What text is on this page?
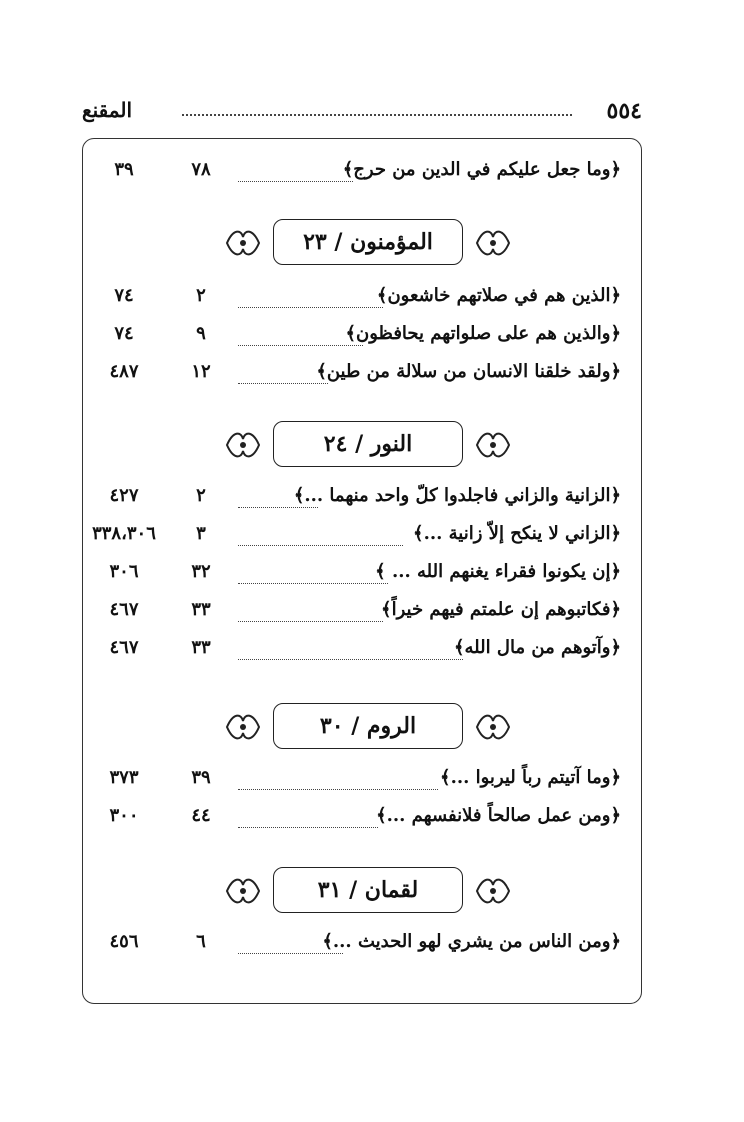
٥٥٤
المقنع
﴿وما جعل عليكم في الدين من حرج﴾
٧٨
٣٩
المؤمنون / ٢٣
﴿الذين هم في صلاتهم خاشعون﴾
٢
٧٤
﴿والذين هم على صلواتهم يحافظون﴾
٩
٧٤
﴿ولقد خلقنا الانسان من سلالة من طين﴾
١٢
٤٨٧
النور / ٢٤
﴿الزانية والزاني فاجلدوا كلّ واحد منهما ...﴾
٢
٤٢٧
﴿الزاني لا ينكح إلاّ زانية ...﴾
٣
٣٣٨،٣٠٦
﴿إن يكونوا فقراء يغنهم الله ... ﴾
٣٢
٣٠٦
﴿فكاتبوهم إن علمتم فيهم خيراً﴾
٣٣
٤٦٧
﴿وآتوهم من مال الله﴾
٣٣
٤٦٧
الروم / ٣٠
﴿وما آتيتم رباً ليربوا ...﴾
٣٩
٣٧٣
﴿ومن عمل صالحاً فلانفسهم ...﴾
٤٤
٣٠٠
لقمان / ٣١
﴿ومن الناس من يشري لهو الحديث ...﴾
٦
٤٥٦
